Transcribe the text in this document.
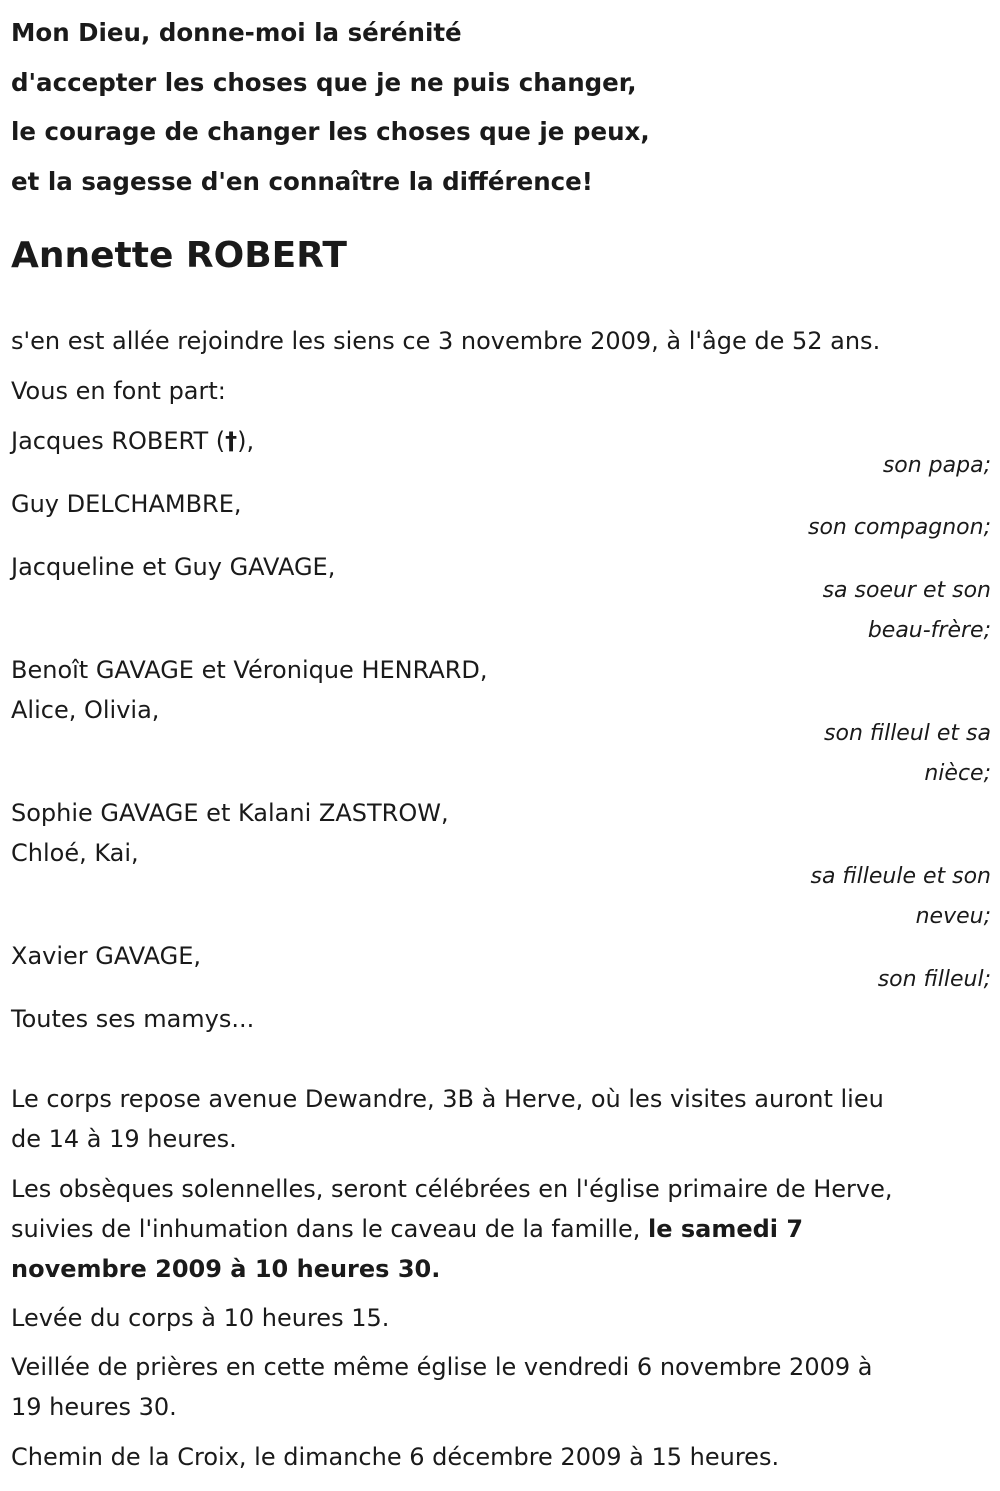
Mon Dieu, donne-moi la sérénité
d'accepter les choses que je ne puis changer,
le courage de changer les choses que je peux,
et la sagesse d'en connaître la différence!
Annette ROBERT
s'en est allée rejoindre les siens ce 3 novembre 2009, à l'âge de 52 ans.
Vous en font part:
Jacques ROBERT (†),
son papa;
Guy DELCHAMBRE,
son compagnon;
Jacqueline et Guy GAVAGE,
sa soeur et son
beau-frère;
Benoît GAVAGE et Véronique HENRARD,
Alice, Olivia,
son filleul et sa
nièce;
Sophie GAVAGE et Kalani ZASTROW,
Chloé, Kai,
sa filleule et son
neveu;
Xavier GAVAGE,
son filleul;
Toutes ses mamys...
Le corps repose avenue Dewandre, 3B à Herve, où les visites auront lieu
de 14 à 19 heures.
Les obsèques solennelles, seront célébrées en l'église primaire de Herve,
suivies de l'inhumation dans le caveau de la famille, le samedi 7
novembre 2009 à 10 heures 30.
Levée du corps à 10 heures 15.
Veillée de prières en cette même église le vendredi 6 novembre 2009 à
19 heures 30.
Chemin de la Croix, le dimanche 6 décembre 2009 à 15 heures.
